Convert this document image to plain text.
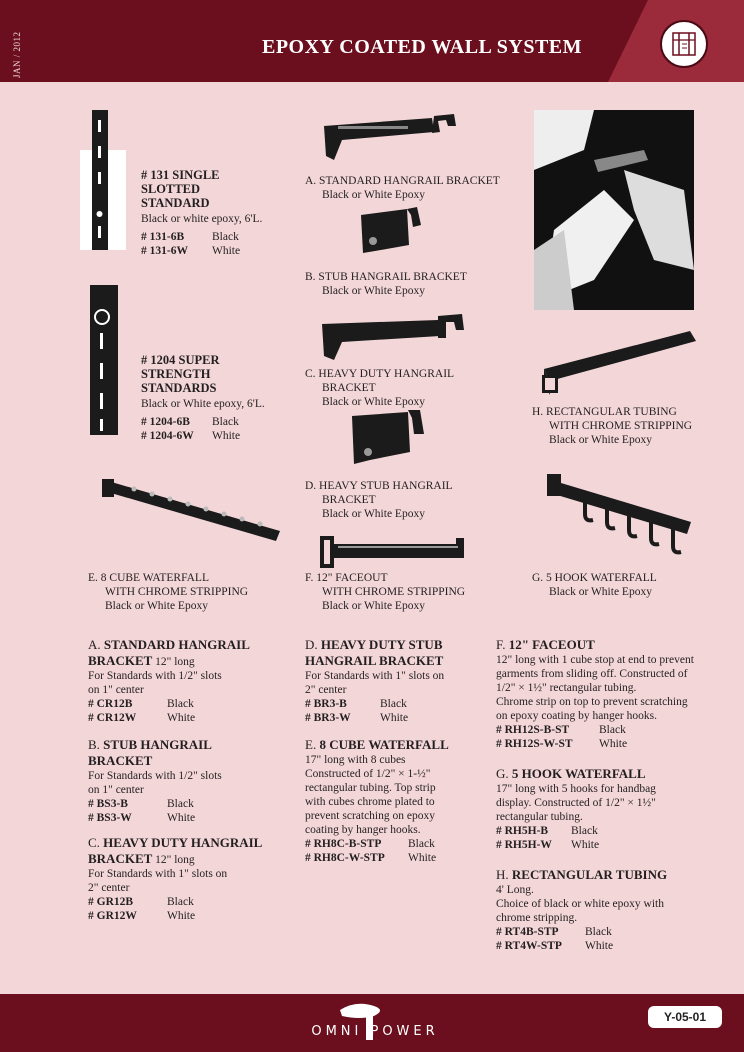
JAN / 2012	EPOXY COATED WALL SYSTEM
# 131 SINGLE
SLOTTED
STANDARD
Black or white epoxy, 6'L.
# 131-6B	Black
# 131-6W	White
# 1204 SUPER
STRENGTH
STANDARDS
Black or White epoxy, 6'L.
# 1204-6B	Black
# 1204-6W	White
A. STANDARD HANGRAIL BRACKET
Black or White Epoxy
B. STUB HANGRAIL BRACKET
Black or White Epoxy
C. HEAVY DUTY HANGRAIL
BRACKET
Black or White Epoxy
D. HEAVY STUB HANGRAIL
BRACKET
Black or White Epoxy
H. RECTANGULAR TUBING
WITH CHROME STRIPPING
Black or White Epoxy
E. 8 CUBE WATERFALL
WITH CHROME STRIPPING
Black or White Epoxy
F. 12" FACEOUT
WITH CHROME STRIPPING
Black or White Epoxy
G. 5 HOOK WATERFALL
Black or White Epoxy
A. STANDARD HANGRAIL
BRACKET 12" long
For Standards with 1/2" slots
on 1" center
# CR12B	Black
# CR12W	White
B. STUB HANGRAIL
BRACKET
For Standards with 1/2" slots
on 1" center
# BS3-B	Black
# BS3-W	White
C. HEAVY DUTY HANGRAIL
BRACKET 12" long
For Standards with 1" slots on
2" center
# GR12B	Black
# GR12W	White
D. HEAVY DUTY STUB
HANGRAIL BRACKET
For Standards with 1" slots on
2" center
# BR3-B	Black
# BR3-W	White
E. 8 CUBE WATERFALL
17" long with 8 cubes
Constructed of 1/2" × 1-½"
rectangular tubing. Top strip
with cubes chrome plated to
prevent scratching on epoxy
coating by hanger hooks.
# RH8C-B-STP	Black
# RH8C-W-STP	White
F. 12" FACEOUT
12" long with 1 cube stop at end to prevent
garments from sliding off. Constructed of
1/2" × 1½" rectangular tubing.
Chrome strip on top to prevent scratching
on epoxy coating by hanger hooks.
# RH12S-B-ST	Black
# RH12S-W-ST	White
G. 5 HOOK WATERFALL
17" long with 5 hooks for handbag
display. Constructed of 1/2" × 1½"
rectangular tubing.
# RH5H-B	Black
# RH5H-W	White
H. RECTANGULAR TUBING
4' Long.
Choice of black or white epoxy with
chrome stripping.
# RT4B-STP	Black
# RT4W-STP	White
OMNI POWER
Y-05-01
